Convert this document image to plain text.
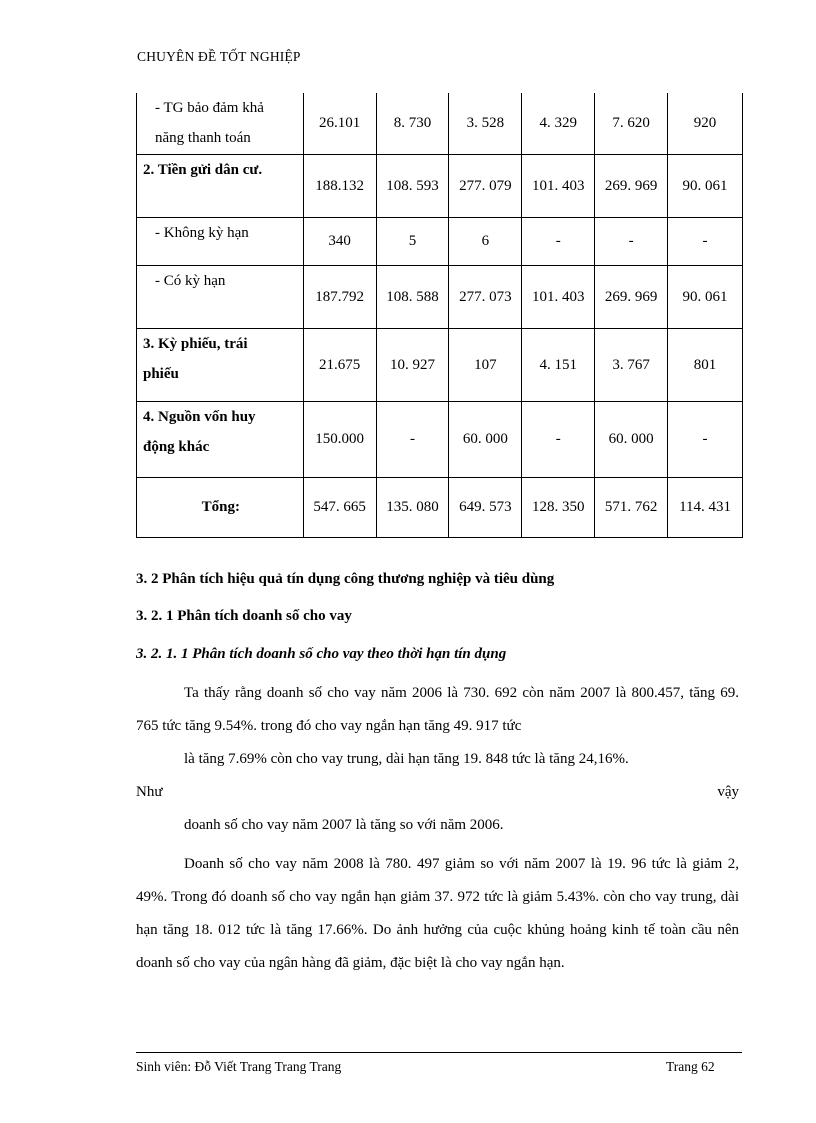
CHUYÊN ĐỀ TỐT NGHIỆP
- TG bảo đảm khả
năng thanh toán	26.101	8. 730	3. 528	4. 329	7. 620	920
2. Tiền gửi dân cư.	188.132	108. 593	277. 079	101. 403	269. 969	90. 061
- Không kỳ hạn	340	5	6	-	-	-
- Có kỳ hạn	187.792	108. 588	277. 073	101. 403	269. 969	90. 061
3. Kỳ phiếu, trái
phiếu	21.675	10. 927	107	4. 151	3. 767	801
4. Nguồn vốn huy
động khác	150.000	-	60. 000	-	60. 000	-
Tổng:	547. 665	135. 080	649. 573	128. 350	571. 762	114. 431
3. 2 Phân tích hiệu quả tín dụng công thương nghiệp và tiêu dùng
3. 2. 1 Phân tích doanh số cho vay
3. 2. 1. 1 Phân tích doanh số cho vay theo thời hạn tín dụng
Ta thấy rằng doanh số cho vay năm 2006 là 730. 692 còn năm 2007 là 800.457, tăng 69. 765 tức tăng 9.54%. trong đó cho vay ngắn hạn tăng 49. 917 tức
là tăng 7.69% còn cho vay trung, dài hạn tăng 19. 848 tức là tăng 24,16%.
Như	vậy
doanh số cho vay năm 2007 là tăng so với năm 2006.
Doanh số cho vay năm 2008 là 780. 497 giảm so với năm 2007 là 19. 96 tức là giảm 2, 49%. Trong đó doanh số cho vay ngắn hạn giảm 37. 972 tức là giảm 5.43%. còn cho vay trung, dài hạn tăng 18. 012 tức là tăng 17.66%. Do ảnh hưởng của cuộc khủng hoảng kinh tế toàn cầu nên doanh số cho vay của ngân hàng đã giảm, đặc biệt là cho vay ngắn hạn.
Sinh viên: Đỗ Viết Trang Trang Trang	Trang 62
